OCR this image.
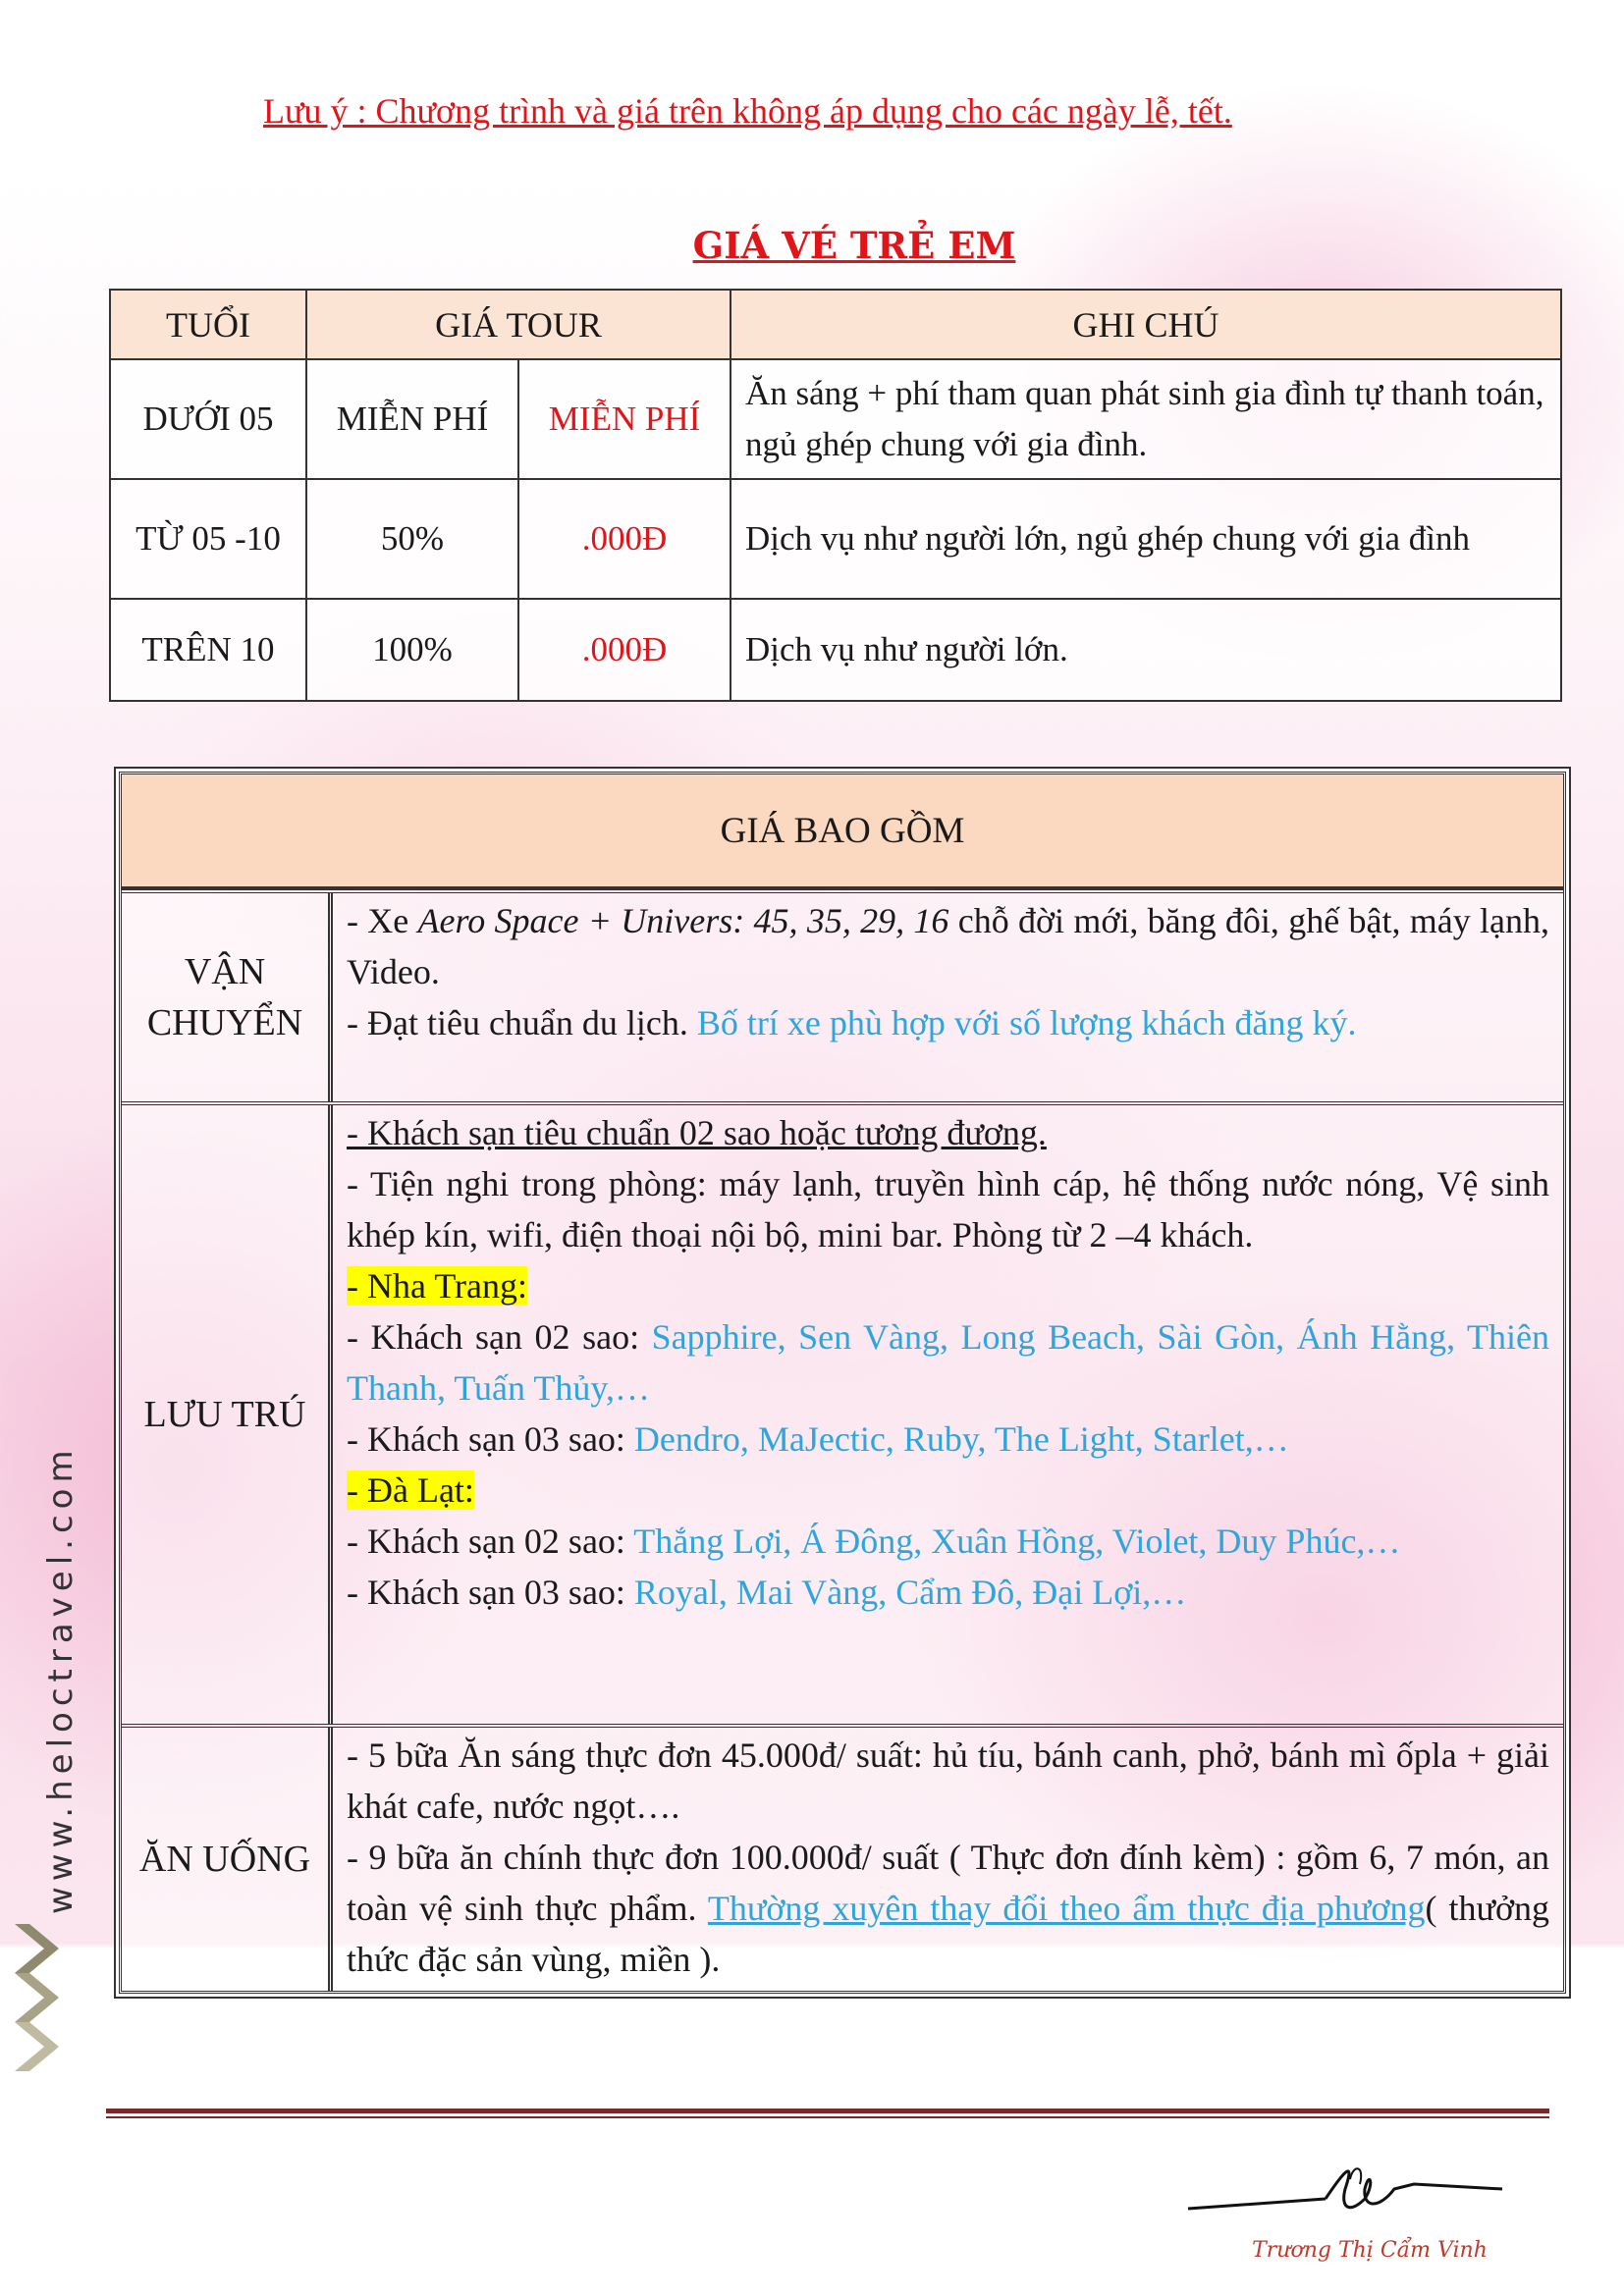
Lưu ý : Chương trình và giá trên không áp dụng cho các ngày lễ, tết.
GIÁ VÉ TRẺ EM
TUỔI	GIÁ TOUR		GHI CHÚ
DƯỚI 05	MIỄN PHÍ	MIỄN PHÍ	Ăn sáng + phí tham quan phát sinh gia đình tự thanh toán, ngủ ghép chung với gia đình.
TỪ 05 -10	50%	.000Đ	Dịch vụ như người lớn, ngủ ghép chung với gia đình
TRÊN 10	100%	.000Đ	Dịch vụ như người lớn.
GIÁ BAO GỒM
VẬN CHUYỂN

- Xe Aero Space + Univers: 45, 35, 29, 16 chỗ đời mới, băng đôi, ghế bật, máy lạnh, Video.

- Đạt tiêu chuẩn du lịch. Bố trí xe phù hợp với số lượng khách đăng ký.

LƯU TRÚ

- Khách sạn tiêu chuẩn 02 sao hoặc tương đương.

- Tiện nghi trong phòng: máy lạnh, truyền hình cáp, hệ thống nước nóng, Vệ sinh khép kín, wifi, điện thoại nội bộ, mini bar. Phòng từ 2 –4 khách.

- Nha Trang:

- Khách sạn 02 sao: Sapphire, Sen Vàng, Long Beach, Sài Gòn, Ánh Hằng, Thiên Thanh, Tuấn Thủy,…

- Khách sạn 03 sao: Dendro, MaJectic, Ruby, The Light, Starlet,…

- Đà Lạt:

- Khách sạn 02 sao: Thắng Lợi, Á Đông, Xuân Hồng, Violet, Duy Phúc,…

- Khách sạn 03 sao: Royal, Mai Vàng, Cẩm Đô, Đại Lợi,…

ĂN UỐNG

- 5 bữa Ăn sáng thực đơn 45.000đ/ suất: hủ tíu, bánh canh, phở, bánh mì ốpla + giải khát cafe, nước ngọt….

- 9 bữa ăn chính thực đơn 100.000đ/ suất ( Thực đơn đính kèm) : gồm 6, 7 món, an toàn vệ sinh thực phẩm. Thường xuyên thay đổi theo ẩm thực địa phương( thưởng thức đặc sản vùng, miền ).

www.heloctravel.com
Trương Thị Cẩm Vinh
